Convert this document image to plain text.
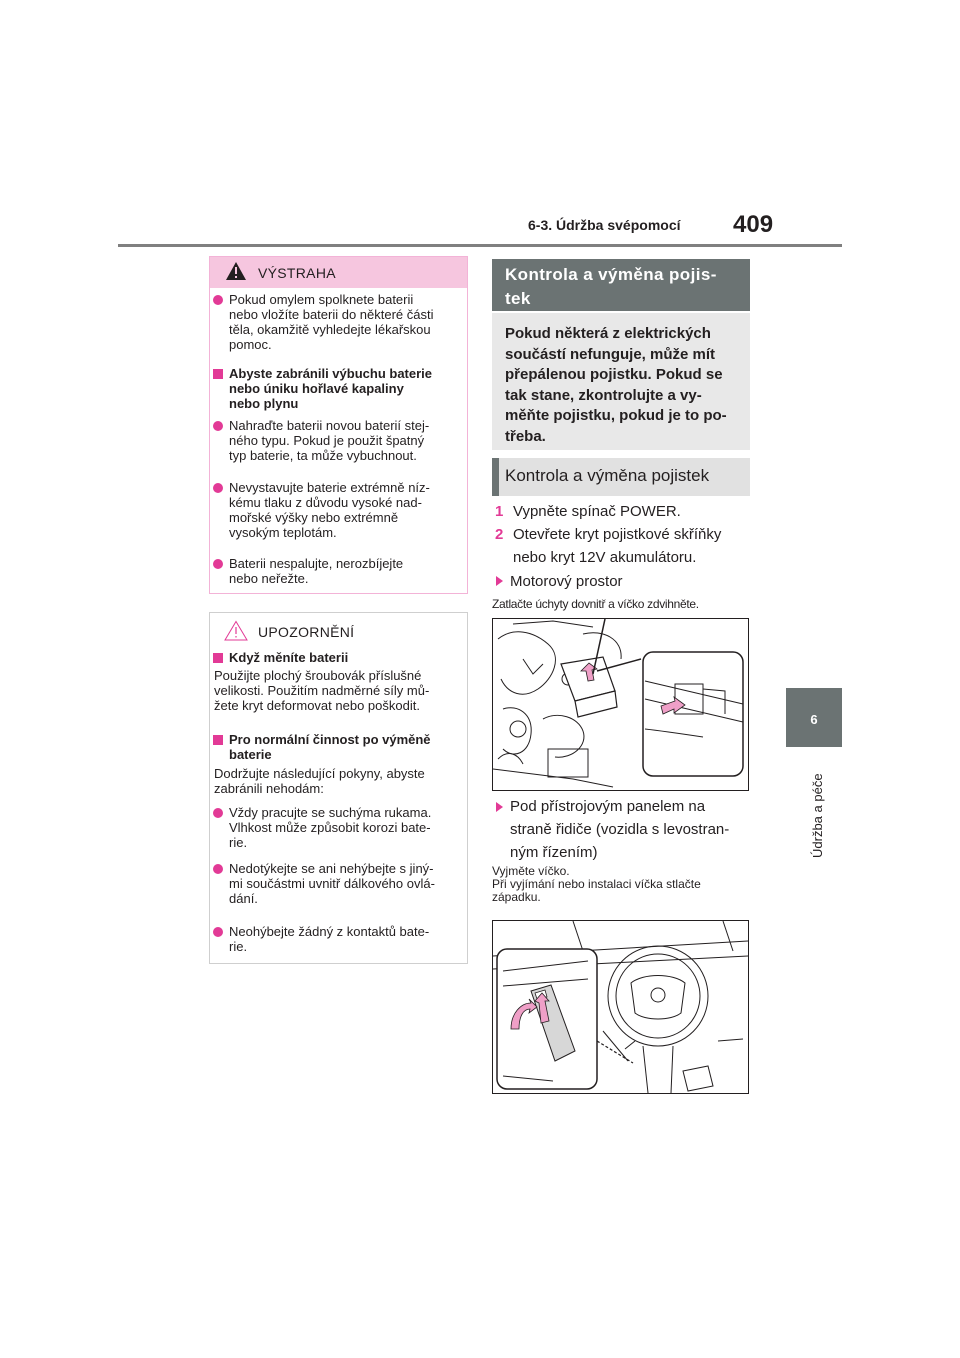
6-3. Údržba svépomocí 409
6
Údržba a péče
VÝSTRAHA
Pokud omylem spolknete baterii
nebo vložíte baterii do některé části
těla, okamžitě vyhledejte lékařskou
pomoc.
Abyste zabránili výbuchu baterie
nebo úniku hořlavé kapaliny
nebo plynu
Nahraďte baterii novou baterií stej-
ného typu. Pokud je použit špatný
typ baterie, ta může vybuchnout.
Nevystavujte baterie extrémně níz-
kému tlaku z důvodu vysoké nad-
mořské výšky nebo extrémně
vysokým teplotám.
Baterii nespalujte, nerozbíjejte
nebo neřežte.
UPOZORNĚNÍ
Když měníte baterii
Použijte plochý šroubovák příslušné
velikosti. Použitím nadměrné síly mů-
žete kryt deformovat nebo poškodit.
Pro normální činnost po výměně
baterie
Dodržujte následující pokyny, abyste
zabránili nehodám:
Vždy pracujte se suchýma rukama.
Vlhkost může způsobit korozi bate-
rie.
Nedotýkejte se ani nehýbejte s jiný-
mi součástmi uvnitř dálkového ovlá-
dání.
Neohýbejte žádný z kontaktů bate-
rie.
Kontrola a výměna pojis-
tek
Pokud některá z elektrických
součástí nefunguje, může mít
přepálenou pojistku. Pokud se
tak stane, zkontrolujte a vy-
měňte pojistku, pokud je to po-
třeba.
Kontrola a výměna pojistek
1 Vypněte spínač POWER.
2 Otevřete kryt pojistkové skříňky
nebo kryt 12V akumulátoru.
Motorový prostor
Zatlačte úchyty dovnitř a víčko zdvihněte.
Pod přístrojovým panelem na
straně řidiče (vozidla s levostran-
ným řízením)
Vyjměte víčko.
Při vyjímání nebo instalaci víčka stlačte
západku.
